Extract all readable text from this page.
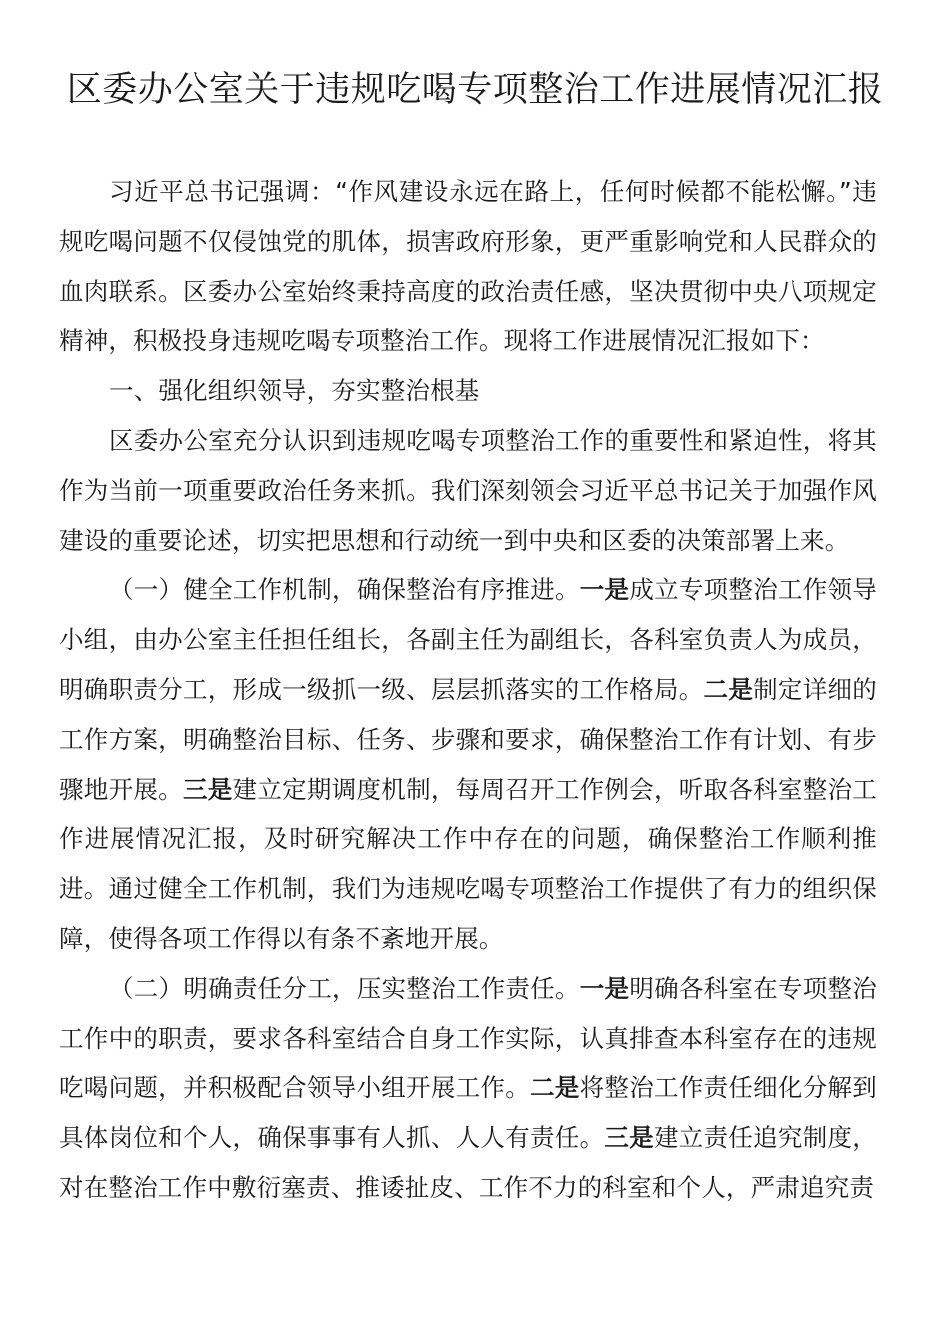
区委办公室关于违规吃喝专项整治工作进展情况汇报

习近平总书记强调：“作风建设永远在路上，任何时候都不能松懈。”违规吃喝问题不仅侵蚀党的肌体，损害政府形象，更严重影响党和人民群众的血肉联系。区委办公室始终秉持高度的政治责任感，坚决贯彻中央八项规定精神，积极投身违规吃喝专项整治工作。现将工作进展情况汇报如下：

一、强化组织领导，夯实整治根基

区委办公室充分认识到违规吃喝专项整治工作的重要性和紧迫性，将其作为当前一项重要政治任务来抓。我们深刻领会习近平总书记关于加强作风建设的重要论述，切实把思想和行动统一到中央和区委的决策部署上来。

（一）健全工作机制，确保整治有序推进。一是成立专项整治工作领导小组，由办公室主任担任组长，各副主任为副组长，各科室负责人为成员，明确职责分工，形成一级抓一级、层层抓落实的工作格局。二是制定详细的工作方案，明确整治目标、任务、步骤和要求，确保整治工作有计划、有步骤地开展。三是建立定期调度机制，每周召开工作例会，听取各科室整治工作进展情况汇报，及时研究解决工作中存在的问题，确保整治工作顺利推进。通过健全工作机制，我们为违规吃喝专项整治工作提供了有力的组织保障，使得各项工作得以有条不紊地开展。

（二）明确责任分工，压实整治工作责任。一是明确各科室在专项整治工作中的职责，要求各科室结合自身工作实际，认真排查本科室存在的违规吃喝问题，并积极配合领导小组开展工作。二是将整治工作责任细化分解到具体岗位和个人，确保事事有人抓、人人有责任。三是建立责任追究制度，对在整治工作中敷衍塞责、推诿扯皮、工作不力的科室和个人，严肃追究责
